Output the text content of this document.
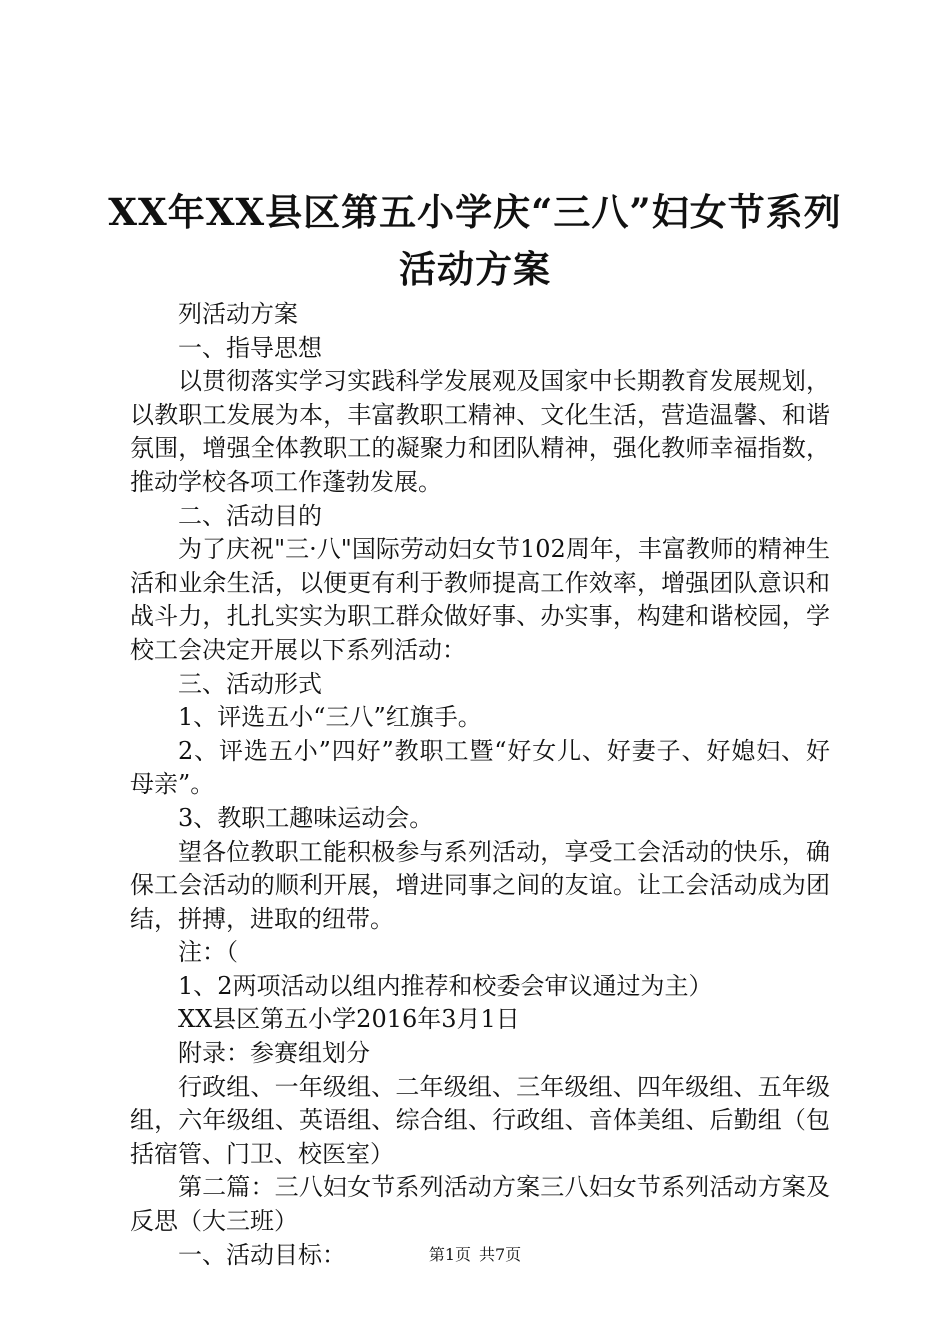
XX年XX县区第五小学庆“三八”妇女节系列
活动方案

列活动方案

一、指导思想

以贯彻落实学习实践科学发展观及国家中长期教育发展规划，以教职工发展为本，丰富教职工精神、文化生活，营造温馨、和谐氛围，增强全体教职工的凝聚力和团队精神，强化教师幸福指数，推动学校各项工作蓬勃发展。

二、活动目的

为了庆祝"三·八"国际劳动妇女节102周年，丰富教师的精神生活和业余生活，以便更有利于教师提高工作效率，增强团队意识和战斗力，扎扎实实为职工群众做好事、办实事，构建和谐校园，学校工会决定开展以下系列活动：

三、活动形式

1、评选五小“三八”红旗手。

2、评选五小”四好”教职工暨“好女儿、好妻子、好媳妇、好母亲”。

3、教职工趣味运动会。

望各位教职工能积极参与系列活动，享受工会活动的快乐，确保工会活动的顺利开展，增进同事之间的友谊。让工会活动成为团结，拼搏，进取的纽带。

注：（

1、2两项活动以组内推荐和校委会审议通过为主）

XX县区第五小学2016年3月1日

附录：参赛组划分

行政组、一年级组、二年级组、三年级组、四年级组、五年级组，六年级组、英语组、综合组、行政组、音体美组、后勤组（包括宿管、门卫、校医室）

第二篇：三八妇女节系列活动方案三八妇女节系列活动方案及反思（大三班）

一、活动目标：	第1页 共7页
